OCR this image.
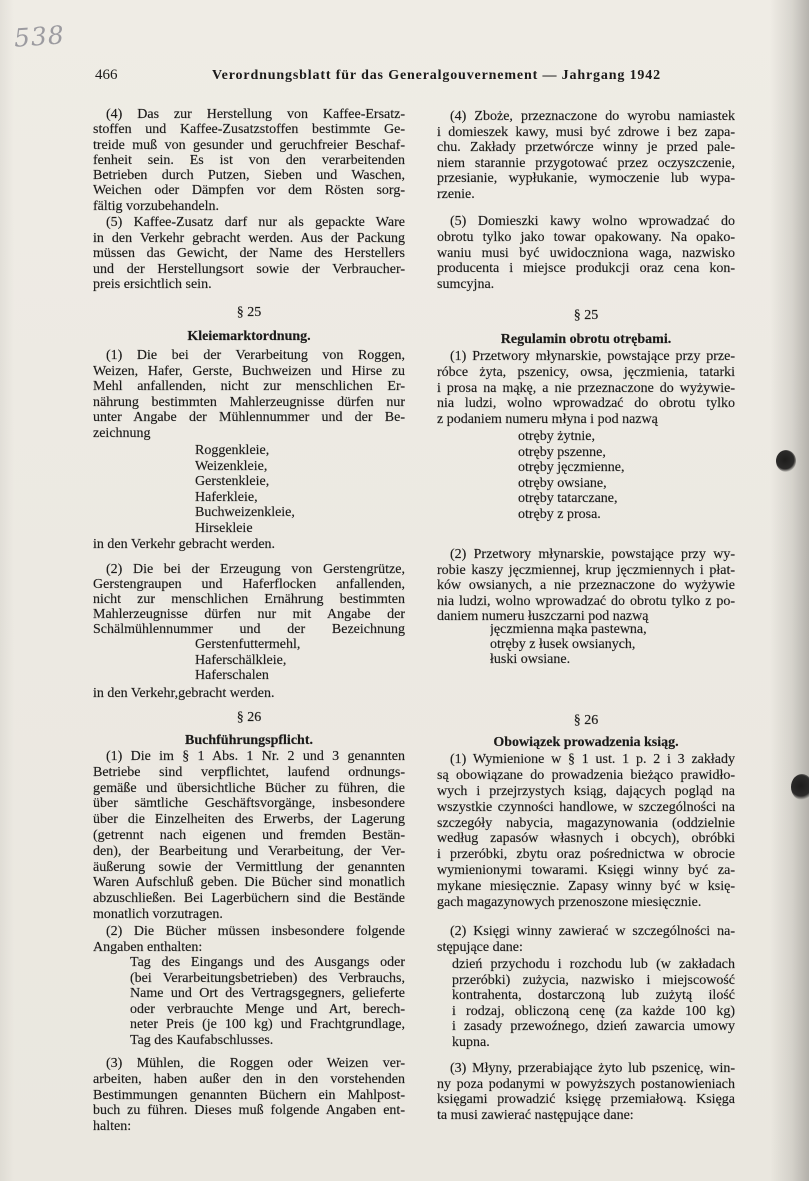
538
466	Verordnungsblatt für das Generalgouvernement — Jahrgang 1942
(4) Das zur Herstellung von Kaffee-Ersatz-
stoffen und Kaffee-Zusatzstoffen bestimmte Ge-
treide muß von gesunder und geruchfreier Beschaf-
fenheit sein. Es ist von den verarbeitenden
Betrieben durch Putzen, Sieben und Waschen,
Weichen oder Dämpfen vor dem Rösten sorg-
fältig vorzubehandeln.
(5) Kaffee-Zusatz darf nur als gepackte Ware
in den Verkehr gebracht werden. Aus der Packung
müssen das Gewicht, der Name des Herstellers
und der Herstellungsort sowie der Verbraucher-
preis ersichtlich sein.
§ 25
Kleiemarktordnung.
(1) Die bei der Verarbeitung von Roggen,
Weizen, Hafer, Gerste, Buchweizen und Hirse zu
Mehl anfallenden, nicht zur menschlichen Er-
nährung bestimmten Mahlerzeugnisse dürfen nur
unter Angabe der Mühlennummer und der Be-
zeichnung
Roggenkleie,
Weizenkleie,
Gerstenkleie,
Haferkleie,
Buchweizenkleie,
Hirsekleie
in den Verkehr gebracht werden.
(2) Die bei der Erzeugung von Gerstengrütze,
Gerstengraupen und Haferflocken anfallenden,
nicht zur menschlichen Ernährung bestimmten
Mahlerzeugnisse dürfen nur mit Angabe der
Schälmühlennummer und der Bezeichnung
Gerstenfuttermehl,
Haferschälkleie,
Haferschalen
in den Verkehr,gebracht werden.
§ 26
Buchführungspflicht.
(1) Die im § 1 Abs. 1 Nr. 2 und 3 genannten
Betriebe sind verpflichtet, laufend ordnungs-
gemäße und übersichtliche Bücher zu führen, die
über sämtliche Geschäftsvorgänge, insbesondere
über die Einzelheiten des Erwerbs, der Lagerung
(getrennt nach eigenen und fremden Bestän-
den), der Bearbeitung und Verarbeitung, der Ver-
äußerung sowie der Vermittlung der genannten
Waren Aufschluß geben. Die Bücher sind monatlich
abzuschließen. Bei Lagerbüchern sind die Bestände
monatlich vorzutragen.
(2) Die Bücher müssen insbesondere folgende
Angaben enthalten:
Tag des Eingangs und des Ausgangs oder
(bei Verarbeitungsbetrieben) des Verbrauchs,
Name und Ort des Vertragsgegners, gelieferte
oder verbrauchte Menge und Art, berech-
neter Preis (je 100 kg) und Frachtgrundlage,
Tag des Kaufabschlusses.
(3) Mühlen, die Roggen oder Weizen ver-
arbeiten, haben außer den in den vorstehenden
Bestimmungen genannten Büchern ein Mahlpost-
buch zu führen. Dieses muß folgende Angaben ent-
halten:
(4) Zboże, przeznaczone do wyrobu namiastek
i domieszek kawy, musi być zdrowe i bez zapa-
chu. Zakłady przetwórcze winny je przed pale-
niem starannie przygotować przez oczyszczenie,
przesianie, wypłukanie, wymoczenie lub wypa-
rzenie.
(5) Domieszki kawy wolno wprowadzać do
obrotu tylko jako towar opakowany. Na opako-
waniu musi być uwidoczniona waga, nazwisko
producenta i miejsce produkcji oraz cena kon-
sumcyjna.
§ 25
Regulamin obrotu otrębami.
(1) Przetwory młynarskie, powstające przy prze-
róbce żyta, pszenicy, owsa, jęczmienia, tatarki
i prosa na mąkę, a nie przeznaczone do wyżywie-
nia ludzi, wolno wprowadzać do obrotu tylko
z podaniem numeru młyna i pod nazwą
otręby żytnie,
otręby pszenne,
otręby jęczmienne,
otręby owsiane,
otręby tatarczane,
otręby z prosa.
(2) Przetwory młynarskie, powstające przy wy-
robie kaszy jęczmiennej, krup jęczmiennych i płat-
ków owsianych, a nie przeznaczone do wyżywie
nia ludzi, wolno wprowadzać do obrotu tylko z po-
daniem numeru łuszczarni pod nazwą
jęczmienna mąka pastewna,
otręby z łusek owsianych,
łuski owsiane.
§ 26
Obowiązek prowadzenia ksiąg.
(1) Wymienione w § 1 ust. 1 p. 2 i 3 zakłady
są obowiązane do prowadzenia bieżąco prawidło-
wych i przejrzystych ksiąg, dających pogląd na
wszystkie czynności handlowe, w szczególności na
szczegóły nabycia, magazynowania (oddzielnie
według zapasów własnych i obcych), obróbki
i przeróbki, zbytu oraz pośrednictwa w obrocie
wymienionymi towarami. Księgi winny być za-
mykane miesięcznie. Zapasy winny być w księ-
gach magazynowych przenoszone miesięcznie.
(2) Księgi winny zawierać w szczególności na-
stępujące dane:
dzień przychodu i rozchodu lub (w zakładach
przeróbki) zużycia, nazwisko i miejscowość
kontrahenta, dostarczoną lub zużytą ilość
i rodzaj, obliczoną cenę (za każde 100 kg)
i zasady przewoźnego, dzień zawarcia umowy
kupna.
(3) Młyny, przerabiające żyto lub pszenicę, win-
ny poza podanymi w powyższych postanowieniach
księgami prowadzić księgę przemiałową. Księga
ta musi zawierać następujące dane:
